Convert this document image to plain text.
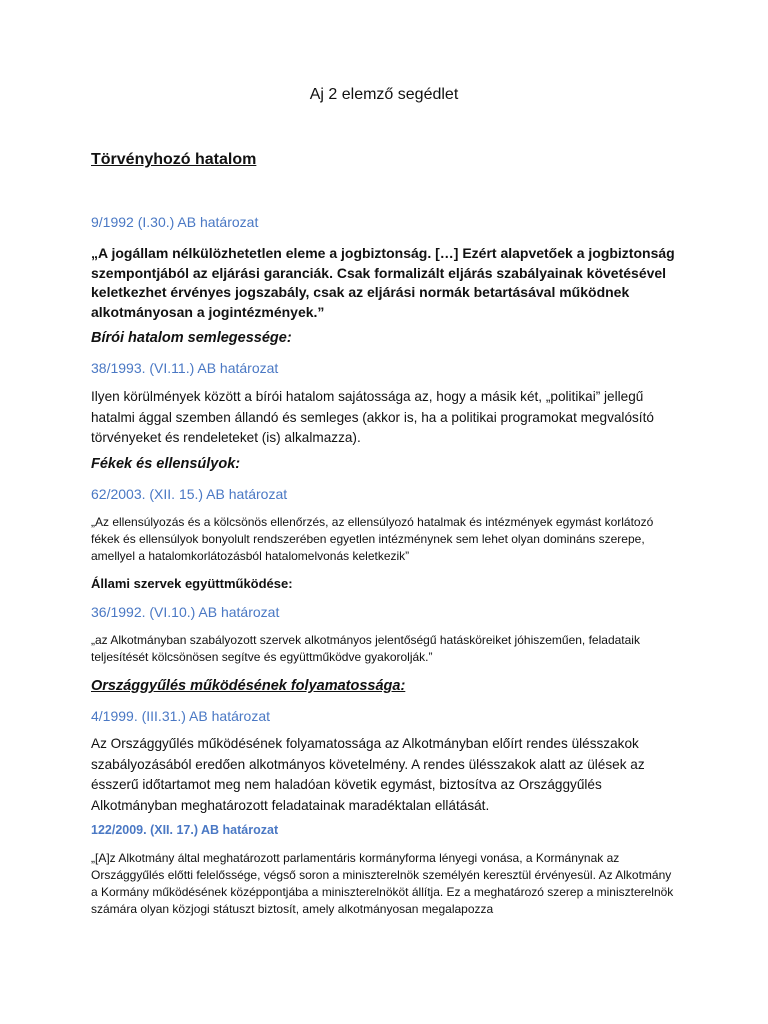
Aj 2 elemző segédlet
Törvényhozó hatalom
9/1992 (I.30.) AB határozat
„A jogállam nélkülözhetetlen eleme a jogbiztonság. […] Ezért alapvetőek a jogbiztonság szempontjából az eljárási garanciák. Csak formalizált eljárás szabályainak követésével keletkezhet érvényes jogszabály, csak az eljárási normák betartásával működnek alkotmányosan a jogintézmények.”
Bírói hatalom semlegessége:
38/1993. (VI.11.) AB határozat
Ilyen körülmények között a bírói hatalom sajátossága az, hogy a másik két, „politikai” jellegű hatalmi ággal szemben állandó és semleges (akkor is, ha a politikai programokat megvalósító törvényeket és rendeleteket (is) alkalmazza).
Fékek és ellensúlyok:
62/2003. (XII. 15.) AB határozat
„Az ellensúlyozás és a kölcsönös ellenőrzés, az ellensúlyozó hatalmak és intézmények egymást korlátozó fékek és ellensúlyok bonyolult rendszerében egyetlen intézménynek sem lehet olyan domináns szerepe, amellyel a hatalomkorlátozásból hatalomelvonás keletkezik”
Állami szervek együttműködése:
36/1992. (VI.10.) AB határozat
„az Alkotmányban szabályozott szervek alkotmányos jelentőségű hatásköreiket jóhiszeműen, feladataik teljesítését kölcsönösen segítve és együttműködve gyakorolják.”
Országgyűlés működésének folyamatossága:
4/1999. (III.31.) AB határozat
Az Országgyűlés működésének folyamatossága az Alkotmányban előírt rendes ülésszakok szabályozásából eredően alkotmányos követelmény. A rendes ülésszakok alatt az ülések az ésszerű időtartamot meg nem haladóan követik egymást, biztosítva az Országgyűlés Alkotmányban meghatározott feladatainak maradéktalan ellátását.
122/2009. (XII. 17.) AB határozat
„[A]z Alkotmány által meghatározott parlamentáris kormányforma lényegi vonása, a Kormánynak az Országgyűlés előtti felelőssége, végső soron a miniszterelnök személyén keresztül érvényesül. Az Alkotmány a Kormány működésének középpontjába a miniszterelnököt állítja. Ez a meghatározó szerep a miniszterelnök számára olyan közjogi státuszt biztosít, amely alkotmányosan megalapozza
